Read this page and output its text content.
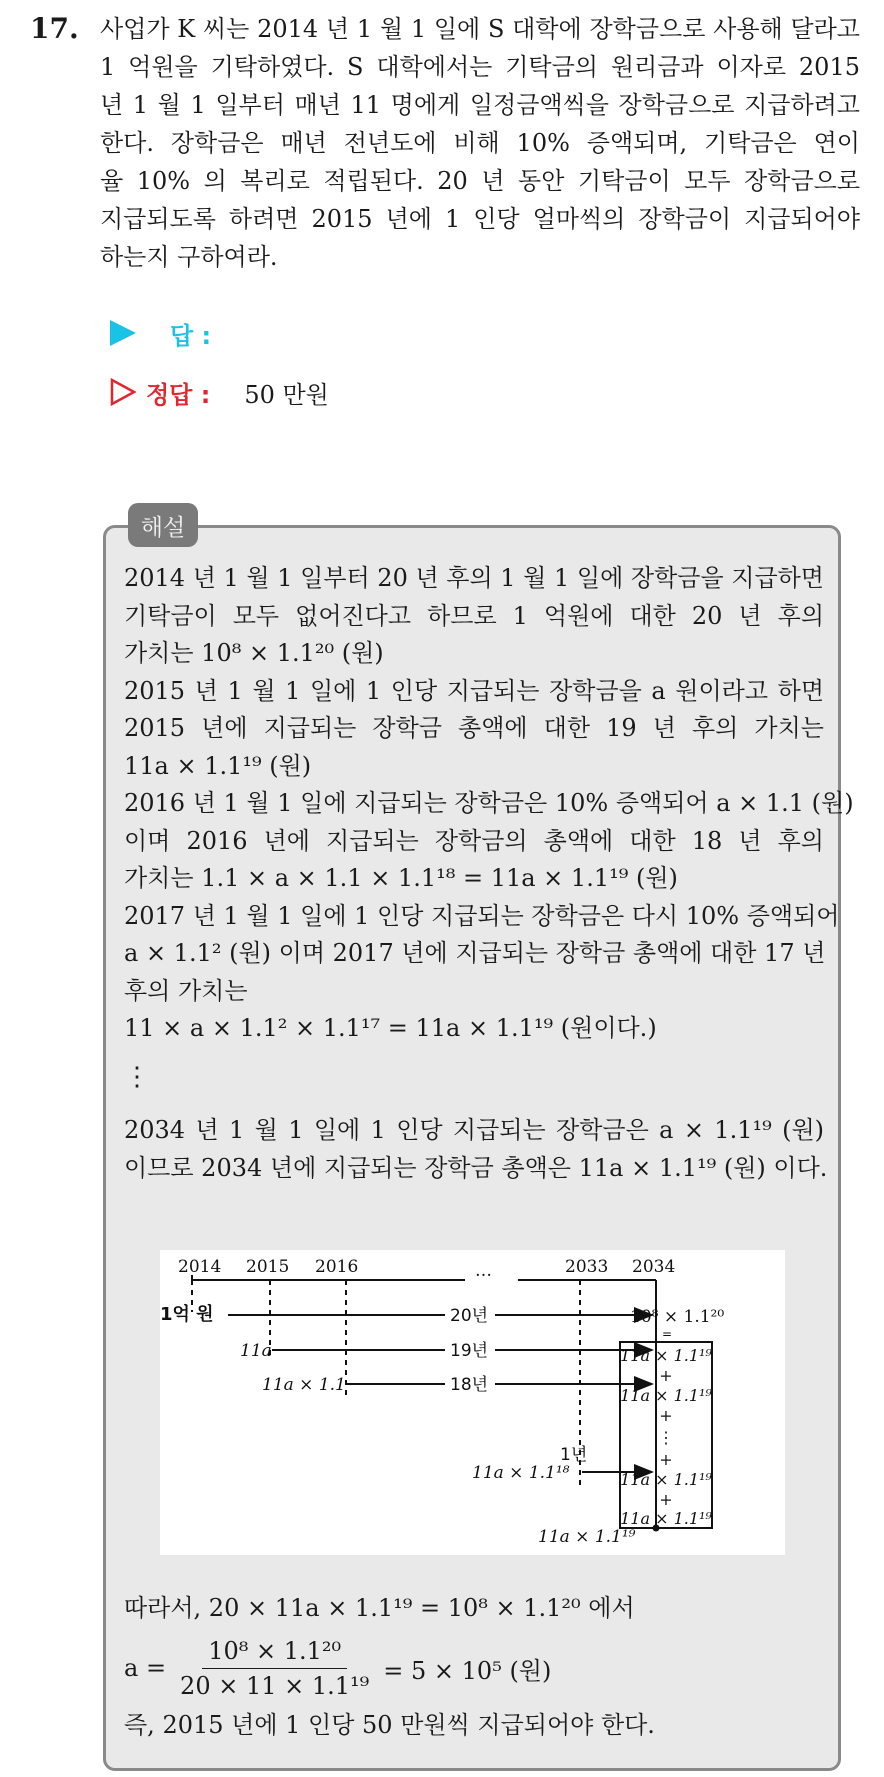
17. 사업가 K 씨는 2014 년 1 월 1 일에 S 대학에 장학금으로 사용해 달라고

1 억원을 기탁하였다. S 대학에서는 기탁금의 원리금과 이자로 2015

년 1 월 1 일부터 매년 11 명에게 일정금액씩을 장학금으로 지급하려고

한다. 장학금은 매년 전년도에 비해 10% 증액되며, 기탁금은 연이

율 10% 의 복리로 적립된다. 20 년 동안 기탁금이 모두 장학금으로

지급되도록 하려면 2015 년에 1 인당 얼마씩의 장학금이 지급되어야

하는지 구하여라.

답 :
정답 : 50 만원
해설

2014 년 1 월 1 일부터 20 년 후의 1 월 1 일에 장학금을 지급하면

기탁금이 모두 없어진다고 하므로 1 억원에 대한 20 년 후의

가치는 10⁸ × 1.1²⁰ (원)

2015 년 1 월 1 일에 1 인당 지급되는 장학금을 a 원이라고 하면

2015 년에 지급되는 장학금 총액에 대한 19 년 후의 가치는

11a × 1.1¹⁹ (원)

2016 년 1 월 1 일에 지급되는 장학금은 10% 증액되어 a × 1.1 (원)

이며 2016 년에 지급되는 장학금의 총액에 대한 18 년 후의

가치는 1.1 × a × 1.1 × 1.1¹⁸ = 11a × 1.1¹⁹ (원)

2017 년 1 월 1 일에 1 인당 지급되는 장학금은 다시 10% 증액되어

a × 1.1² (원) 이며 2017 년에 지급되는 장학금 총액에 대한 17 년

후의 가치는

11 × a × 1.1² × 1.1¹⁷ = 11a × 1.1¹⁹ (원이다.)

⋮

2034 년 1 월 1 일에 1 인당 지급되는 장학금은 a × 1.1¹⁹ (원)

이므로 2034 년에 지급되는 장학금 총액은 11a × 1.1¹⁹ (원) 이다.

2014 2015 2016	…	2033 2034
1억 원	20년
11a	19년
11a × 1.1	18년
1년
11a × 1.1¹⁸
11a × 1.1¹⁹
10⁸ × 1.1²⁰
=
11a × 1.1¹⁹
+
11a × 1.1¹⁹
+
⋮
+
11a × 1.1¹⁹
+
11a × 1.1¹⁹
따라서, 20 × 11a × 1.1¹⁹ = 10⁸ × 1.1²⁰ 에서
$a = \frac{\text{10⁸ × 1.1²⁰}}{\text{20 × 11 × 1.1¹⁹}} = 5 \times 10^5$ (원)
즉, 2015 년에 1 인당 50 만원씩 지급되어야 한다.
